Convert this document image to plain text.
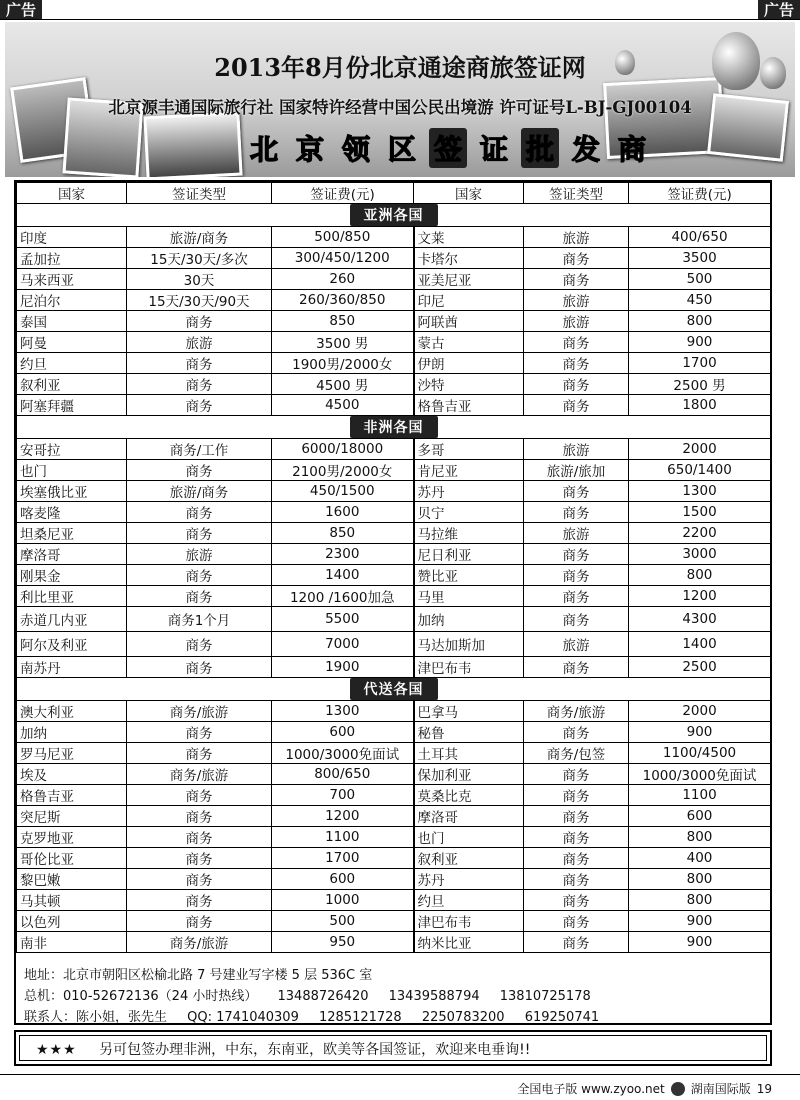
广告	广告
2013年8月份北京通途商旅签证网
北京源丰通国际旅行社 国家特许经营中国公民出境游 许可证号L-BJ-GJ00104
北 京 领 区 签 证 批 发 商
国家	签证类型	签证费(元)	国家	签证类型	签证费(元)
亚洲各国					
印度	旅游/商务	500/850	文莱	旅游	400/650
孟加拉	15天/30天/多次	300/450/1200	卡塔尔	商务	3500
马来西亚	30天	260	亚美尼亚	商务	500
尼泊尔	15天/30天/90天	260/360/850	印尼	旅游	450
泰国	商务	850	阿联酋	旅游	800
阿曼	旅游	3500 男	蒙古	商务	900
约旦	商务	1900男/2000女	伊朗	商务	1700
叙利亚	商务	4500 男	沙特	商务	2500 男
阿塞拜疆	商务	4500	格鲁吉亚	商务	1800
非洲各国					
安哥拉	商务/工作	6000/18000	多哥	旅游	2000
也门	商务	2100男/2000女	肯尼亚	旅游/旅加	650/1400
埃塞俄比亚	旅游/商务	450/1500	苏丹	商务	1300
喀麦隆	商务	1600	贝宁	商务	1500
坦桑尼亚	商务	850	马拉维	旅游	2200
摩洛哥	旅游	2300	尼日利亚	商务	3000
刚果金	商务	1400	赞比亚	商务	800
利比里亚	商务	1200 /1600加急	马里	商务	1200
赤道几内亚	商务1个月	5500	加纳	商务	4300
阿尔及利亚	商务	7000	马达加斯加	旅游	1400
南苏丹	商务	1900	津巴布韦	商务	2500
代送各国					
澳大利亚	商务/旅游	1300	巴拿马	商务/旅游	2000
加纳	商务	600	秘鲁	商务	900
罗马尼亚	商务	1000/3000免面试	土耳其	商务/包签	1100/4500
埃及	商务/旅游	800/650	保加利亚	商务	1000/3000免面试
格鲁吉亚	商务	700	莫桑比克	商务	1100
突尼斯	商务	1200	摩洛哥	商务	600
克罗地亚	商务	1100	也门	商务	800
哥伦比亚	商务	1700	叙利亚	商务	400
黎巴嫩	商务	600	苏丹	商务	800
马其顿	商务	1000	约旦	商务	800
以色列	商务	500	津巴布韦	商务	900
南非	商务/旅游	950	纳米比亚	商务	900
地址：北京市朝阳区松榆北路 7 号建业写字楼 5 层 536C 室
总机：010-52672136（24 小时热线） 13488726420 13439588794 13810725178
联系人：陈小姐，张先生 QQ: 1741040309 1285121728 2250783200 619250741
★★★ 另可包签办理非洲，中东，东南亚，欧美等各国签证，欢迎来电垂询!!
全国电子版 www.zyoo.net 湖南国际版 19
